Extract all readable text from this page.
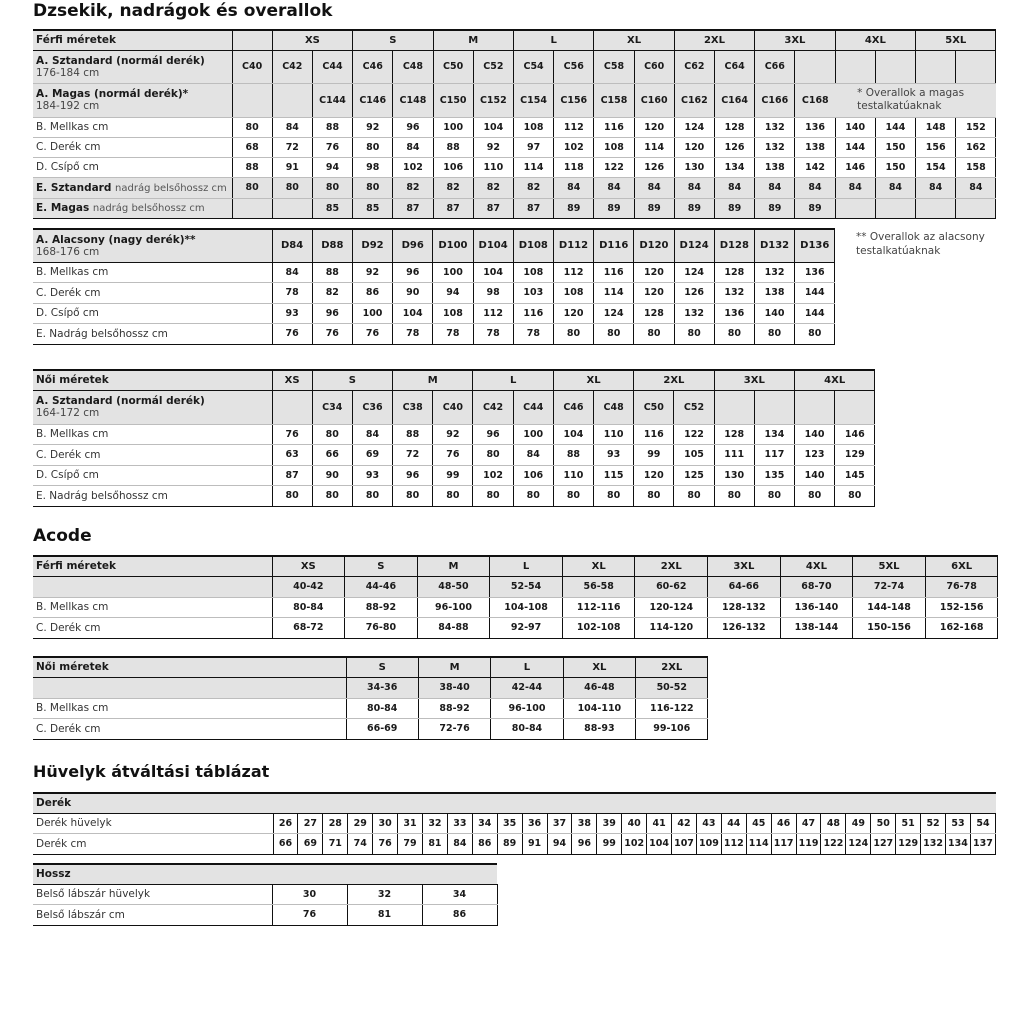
Dzsekik, nadrágok és overallok
Férfi méretek		XS		S		M		L		XL		2XL		3XL		4XL		5XL	
A. Sztandard (normál derék)
176-184 cm	C40	C42	C44	C46	C48	C50	C52	C54	C56	C58	C60	C62	C64	C66					
A. Magas (normál derék)*
184-192 cm			C144	C146	C148	C150	C152	C154	C156	C158	C160	C162	C164	C166	C168	* Overallok a magas testalkatúaknak			
B. Mellkas cm	80	84	88	92	96	100	104	108	112	116	120	124	128	132	136	140	144	148	152
C. Derék cm	68	72	76	80	84	88	92	97	102	108	114	120	126	132	138	144	150	156	162
D. Csípő cm	88	91	94	98	102	106	110	114	118	122	126	130	134	138	142	146	150	154	158
E. Sztandard nadrág belsőhossz cm	80	80	80	80	82	82	82	82	84	84	84	84	84	84	84	84	84	84	84
E. Magas nadrág belsőhossz cm			85	85	87	87	87	87	89	89	89	89	89	89	89				
A. Alacsony (nagy derék)**
168-176 cm	D84	D88	D92	D96	D100	D104	D108	D112	D116	D120	D124	D128	D132	D136
B. Mellkas cm	84	88	92	96	100	104	108	112	116	120	124	128	132	136
C. Derék cm	78	82	86	90	94	98	103	108	114	120	126	132	138	144
D. Csípő cm	93	96	100	104	108	112	116	120	124	128	132	136	140	144
E. Nadrág belsőhossz cm	76	76	76	78	78	78	78	80	80	80	80	80	80	80
** Overallok az alacsony testalkatúaknak
Női méretek	XS	S		M		L		XL		2XL		3XL		4XL	
A. Sztandard (normál derék)
164-172 cm		C34	C36	C38	C40	C42	C44	C46	C48	C50	C52				
B. Mellkas cm	76	80	84	88	92	96	100	104	110	116	122	128	134	140	146
C. Derék cm	63	66	69	72	76	80	84	88	93	99	105	111	117	123	129
D. Csípő cm	87	90	93	96	99	102	106	110	115	120	125	130	135	140	145
E. Nadrág belsőhossz cm	80	80	80	80	80	80	80	80	80	80	80	80	80	80	80
Acode
Férfi méretek	XS	S	M	L	XL	2XL	3XL	4XL	5XL	6XL
	40-42	44-46	48-50	52-54	56-58	60-62	64-66	68-70	72-74	76-78
B. Mellkas cm	80-84	88-92	96-100	104-108	112-116	120-124	128-132	136-140	144-148	152-156
C. Derék cm	68-72	76-80	84-88	92-97	102-108	114-120	126-132	138-144	150-156	162-168
Női méretek	S	M	L	XL	2XL
	34-36	38-40	42-44	46-48	50-52
B. Mellkas cm	80-84	88-92	96-100	104-110	116-122
C. Derék cm	66-69	72-76	80-84	88-93	99-106
Hüvelyk átváltási táblázat
Derék																													
Derék hüvelyk	26	27	28	29	30	31	32	33	34	35	36	37	38	39	40	41	42	43	44	45	46	47	48	49	50	51	52	53	54
Derék cm	66	69	71	74	76	79	81	84	86	89	91	94	96	99	102	104	107	109	112	114	117	119	122	124	127	129	132	134	137
Hossz			
Belső lábszár hüvelyk	30	32	34
Belső lábszár cm	76	81	86
